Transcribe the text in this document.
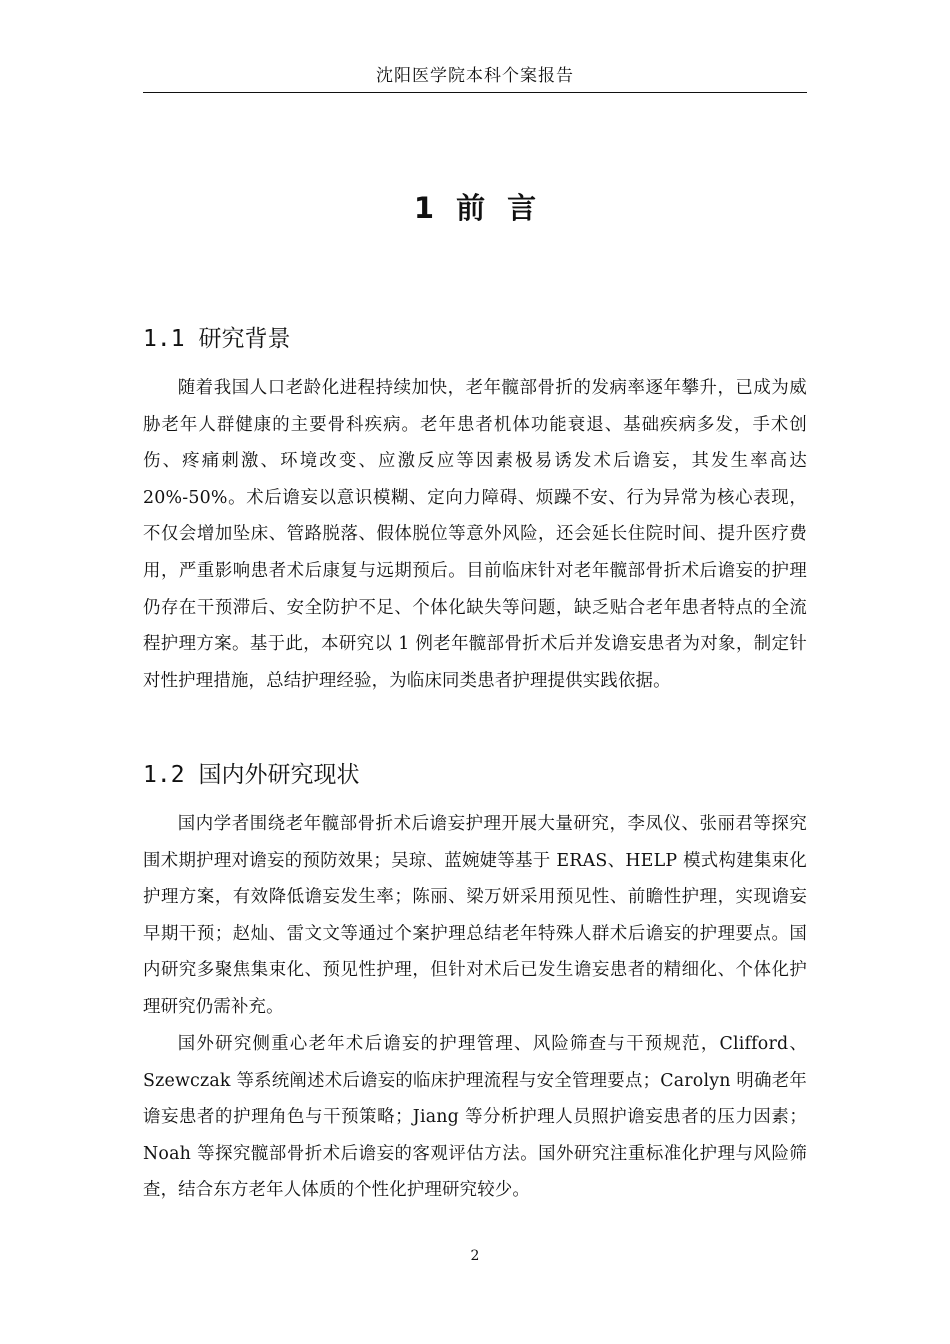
沈阳医学院本科个案报告
1 前 言
1.1 研究背景

随着我国人口老龄化进程持续加快，老年髋部骨折的发病率逐年攀升，已成为威胁老年人群健康的主要骨科疾病。老年患者机体功能衰退、基础疾病多发，手术创伤、疼痛刺激、环境改变、应激反应等因素极易诱发术后谵妄，其发生率高达 20%-50%。术后谵妄以意识模糊、定向力障碍、烦躁不安、行为异常为核心表现，不仅会增加坠床、管路脱落、假体脱位等意外风险，还会延长住院时间、提升医疗费用，严重影响患者术后康复与远期预后。目前临床针对老年髋部骨折术后谵妄的护理仍存在干预滞后、安全防护不足、个体化缺失等问题，缺乏贴合老年患者特点的全流程护理方案。基于此，本研究以 1 例老年髋部骨折术后并发谵妄患者为对象，制定针对性护理措施，总结护理经验，为临床同类患者护理提供实践依据。

1.2 国内外研究现状

国内学者围绕老年髋部骨折术后谵妄护理开展大量研究，李凤仪、张丽君等探究围术期护理对谵妄的预防效果；吴琼、蓝婉婕等基于 ERAS、HELP 模式构建集束化护理方案，有效降低谵妄发生率；陈丽、梁万妍采用预见性、前瞻性护理，实现谵妄早期干预；赵灿、雷文文等通过个案护理总结老年特殊人群术后谵妄的护理要点。国内研究多聚焦集束化、预见性护理，但针对术后已发生谵妄患者的精细化、个体化护理研究仍需补充。

国外研究侧重心老年术后谵妄的护理管理、风险筛查与干预规范，Clifford、Szewczak 等系统阐述术后谵妄的临床护理流程与安全管理要点；Carolyn 明确老年谵妄患者的护理角色与干预策略；Jiang 等分析护理人员照护谵妄患者的压力因素；Noah 等探究髋部骨折术后谵妄的客观评估方法。国外研究注重标准化护理与风险筛查，结合东方老年人体质的个性化护理研究较少。

2
